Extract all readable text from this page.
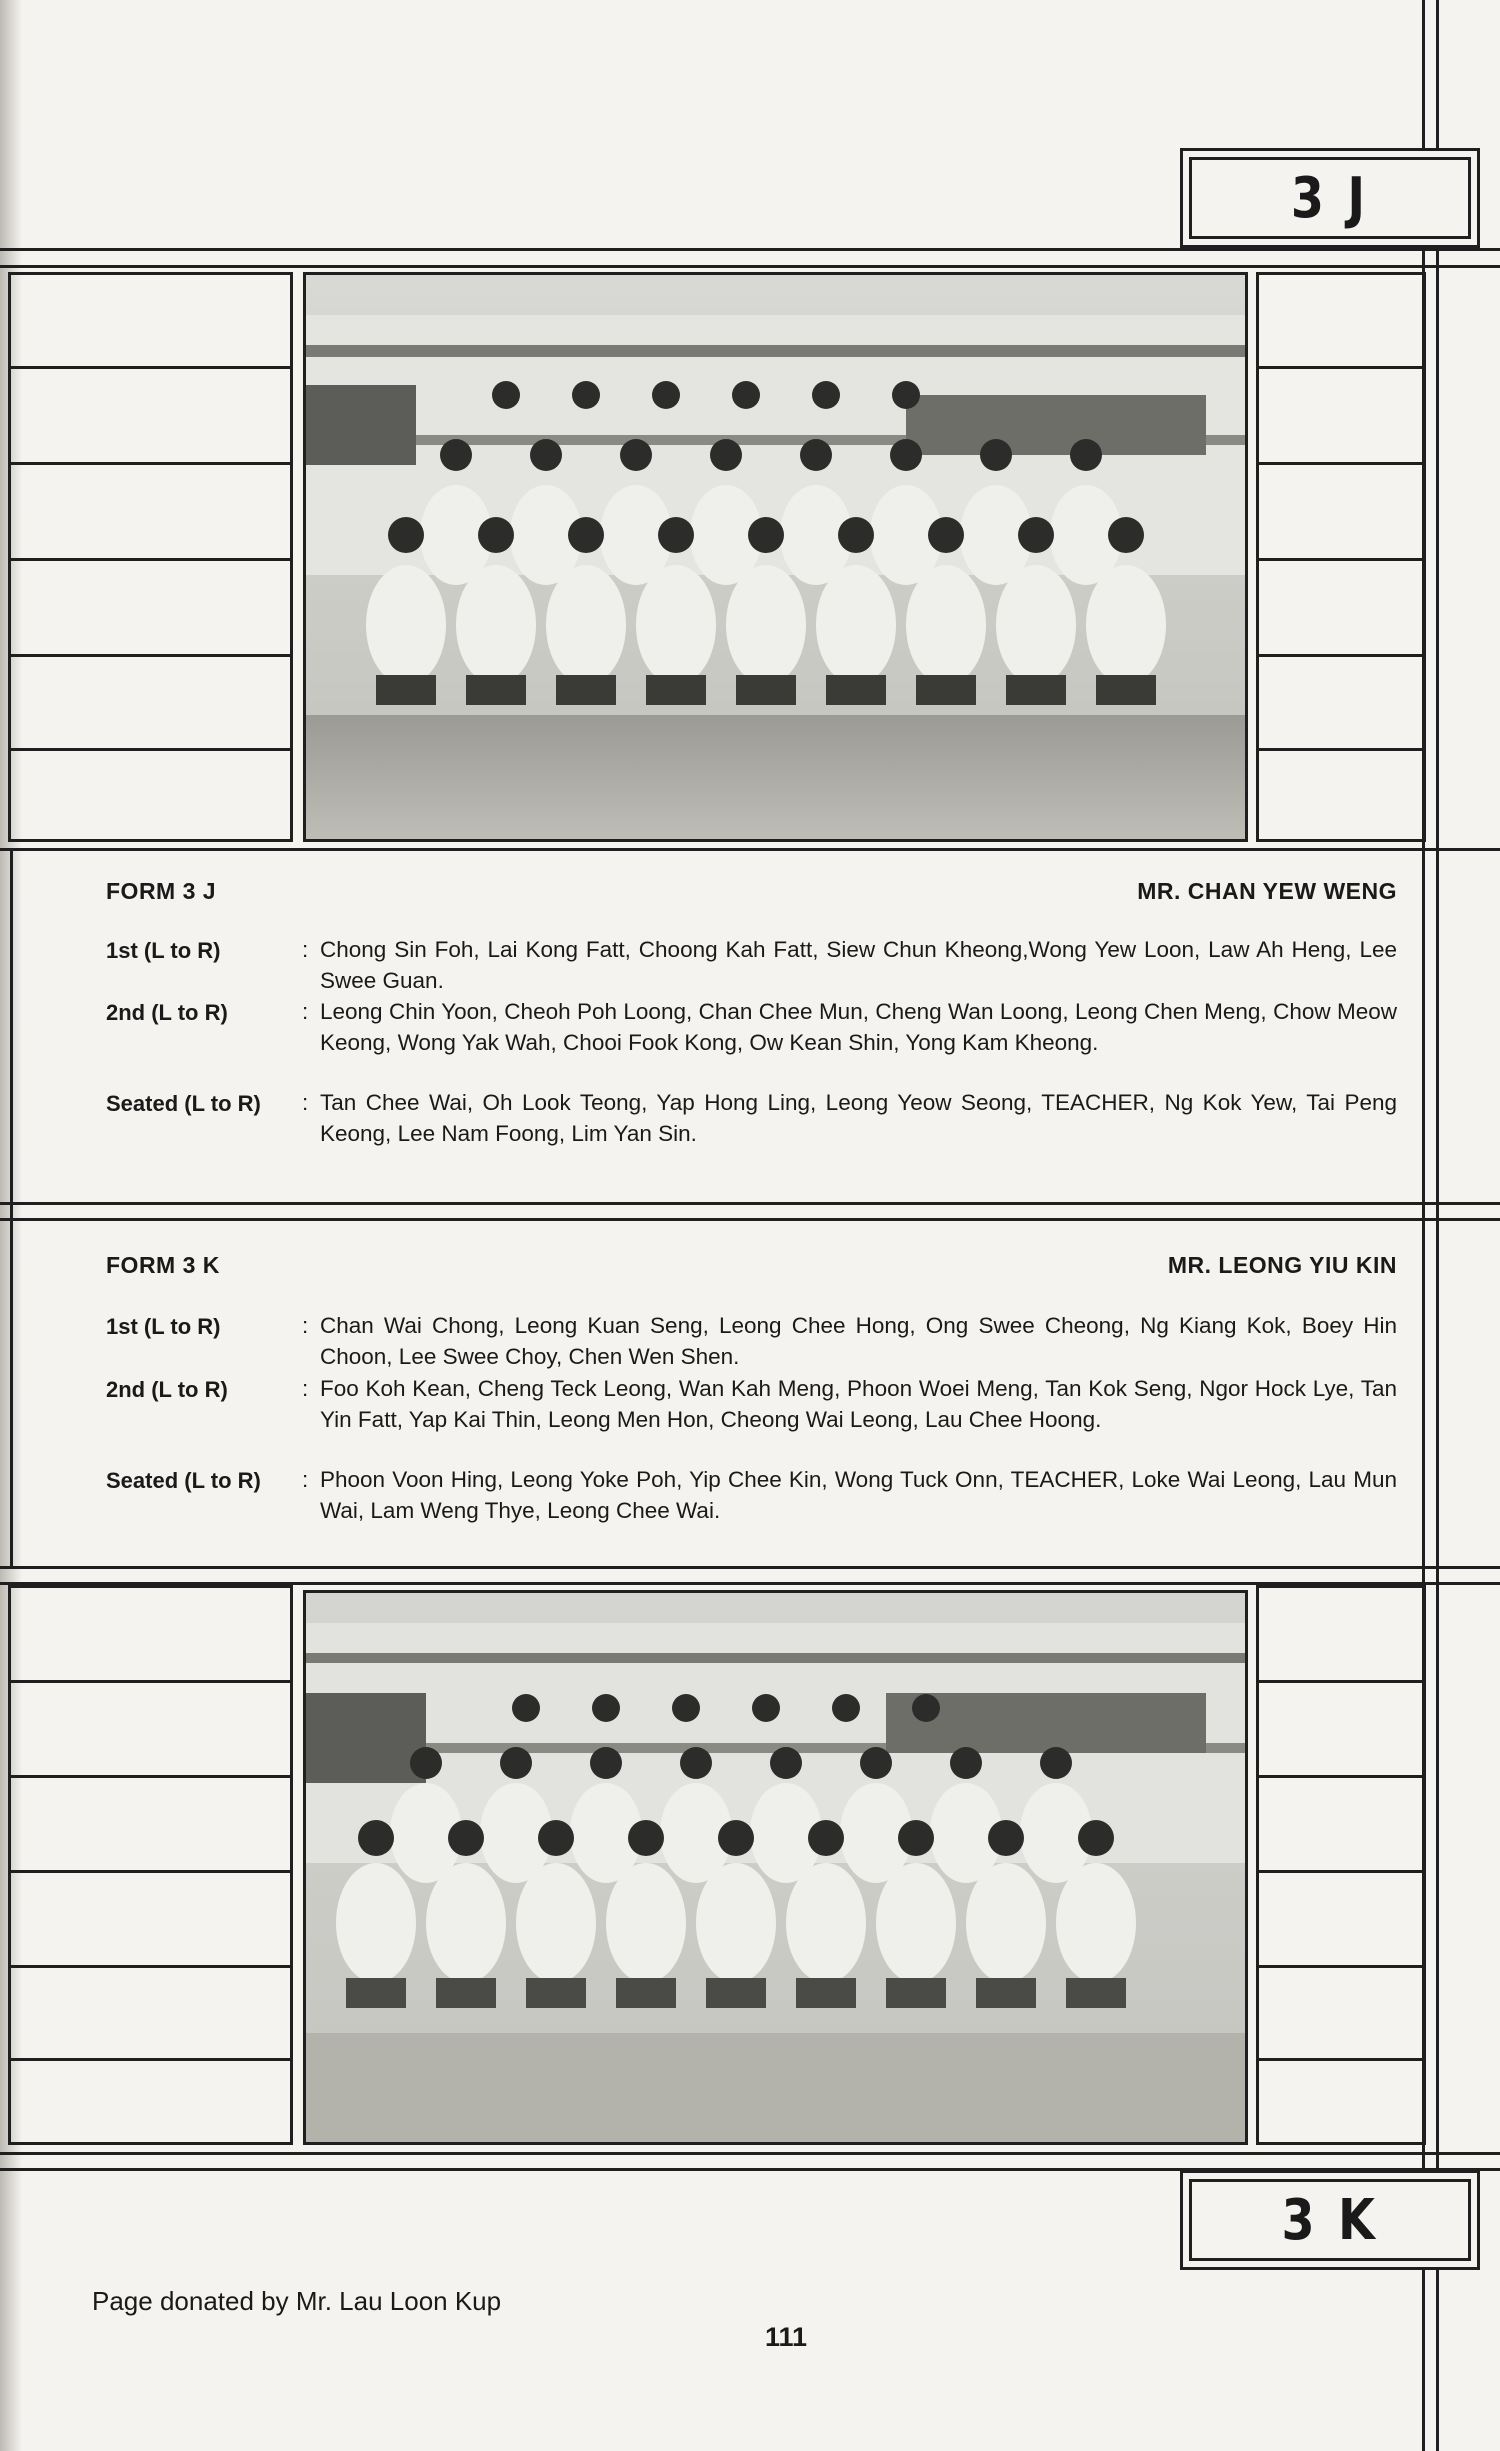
3 J
FORM 3 J	MR. CHAN YEW WENG
1st (L to R)	: Chong Sin Foh, Lai Kong Fatt, Choong Kah Fatt, Siew Chun Kheong,Wong Yew Loon, Law Ah Heng, Lee Swee Guan.
2nd (L to R)	: Leong Chin Yoon, Cheoh Poh Loong, Chan Chee Mun, Cheng Wan Loong, Leong Chen Meng, Chow Meow Keong, Wong Yak Wah, Chooi Fook Kong, Ow Kean Shin, Yong Kam Kheong.
Seated (L to R) : Tan Chee Wai, Oh Look Teong, Yap Hong Ling, Leong Yeow Seong, TEACHER, Ng Kok Yew, Tai Peng Keong, Lee Nam Foong, Lim Yan Sin.
FORM 3 K	MR. LEONG YIU KIN
1st (L to R)	: Chan Wai Chong, Leong Kuan Seng, Leong Chee Hong, Ong Swee Cheong, Ng Kiang Kok, Boey Hin Choon, Lee Swee Choy, Chen Wen Shen.
2nd (L to R)	: Foo Koh Kean, Cheng Teck Leong, Wan Kah Meng, Phoon Woei Meng, Tan Kok Seng, Ngor Hock Lye, Tan Yin Fatt, Yap Kai Thin, Leong Men Hon, Cheong Wai Leong, Lau Chee Hoong.
Seated (L to R) : Phoon Voon Hing, Leong Yoke Poh, Yip Chee Kin, Wong Tuck Onn, TEACHER, Loke Wai Leong, Lau Mun Wai, Lam Weng Thye, Leong Chee Wai.
3 K
Page donated by Mr. Lau Loon Kup
111
